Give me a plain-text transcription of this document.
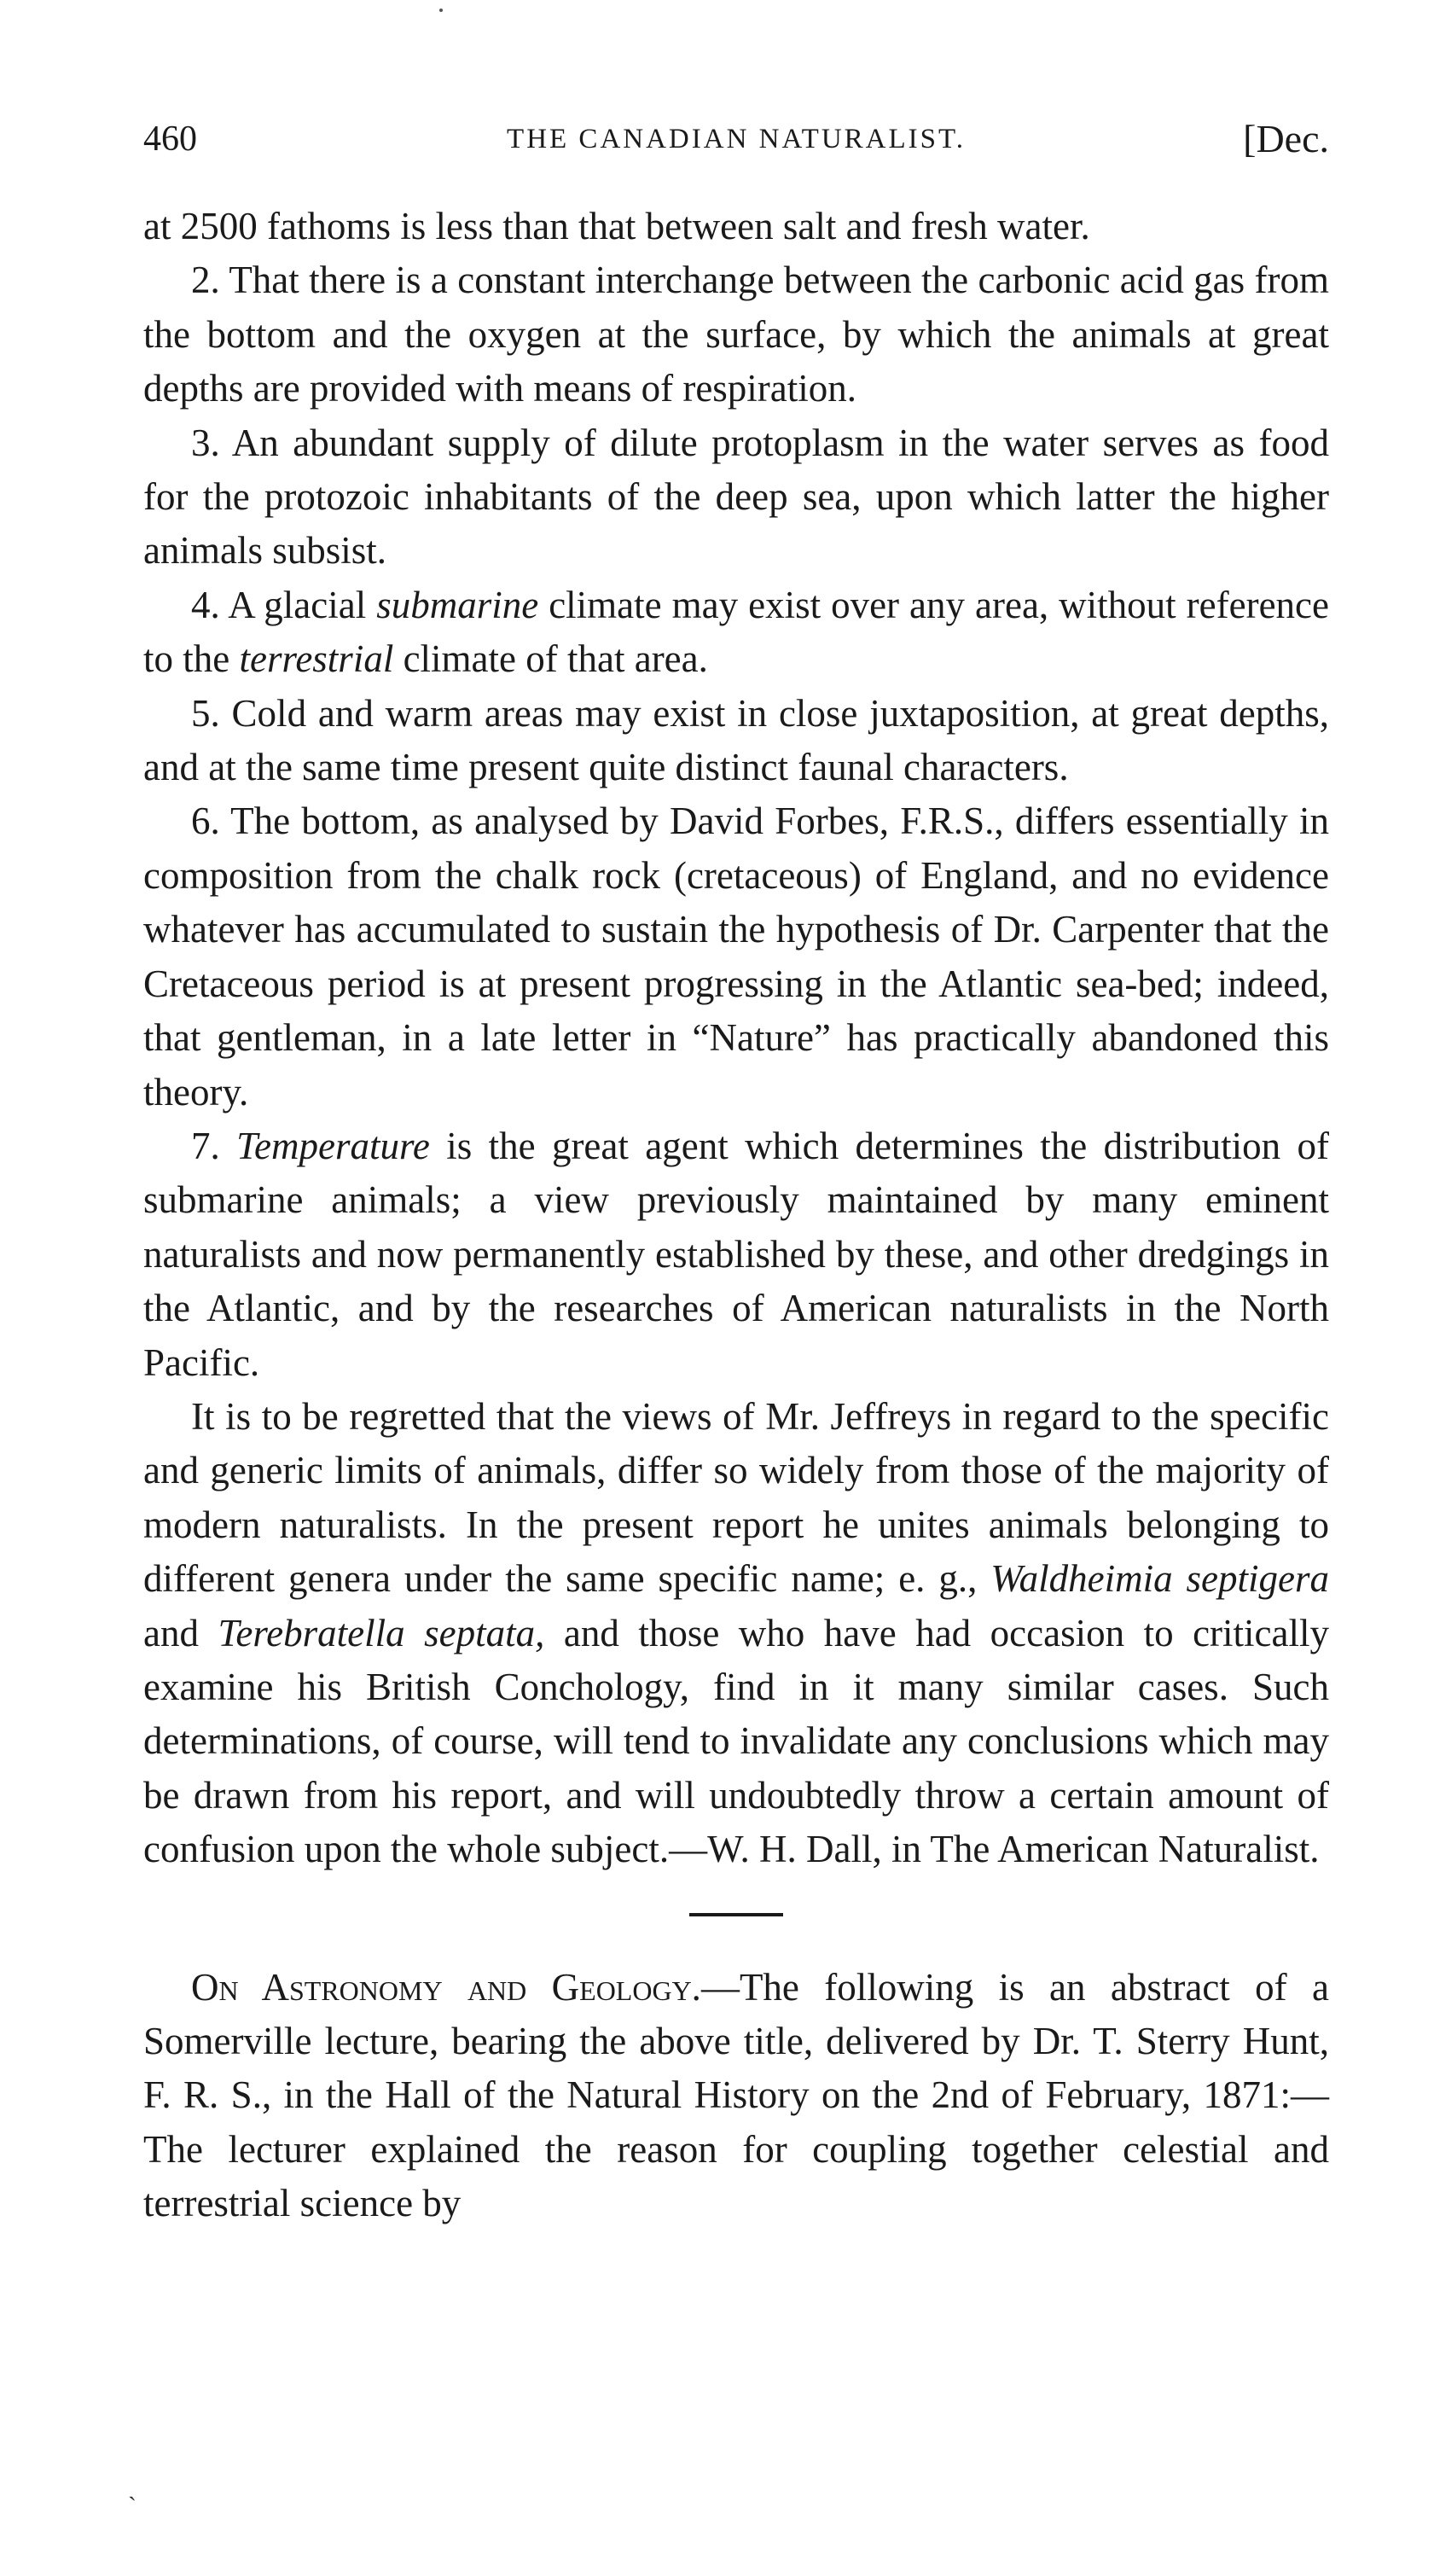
460	THE CANADIAN NATURALIST.	[Dec.

at 2500 fathoms is less than that between salt and fresh water.

2. That there is a constant interchange between the carbonic acid gas from the bottom and the oxygen at the surface, by which the animals at great depths are provided with means of respiration.

3. An abundant supply of dilute protoplasm in the water serves as food for the protozoic inhabitants of the deep sea, upon which latter the higher animals subsist.

4. A glacial submarine climate may exist over any area, without reference to the terrestrial climate of that area.

5. Cold and warm areas may exist in close juxtaposition, at great depths, and at the same time present quite distinct faunal characters.

6. The bottom, as analysed by David Forbes, F.R.S., differs essentially in composition from the chalk rock (cretaceous) of England, and no evidence whatever has accumulated to sustain the hypothesis of Dr. Carpenter that the Cretaceous period is at present progressing in the Atlantic sea-bed; indeed, that gentleman, in a late letter in “Nature” has practically abandoned this theory.

7. Temperature is the great agent which determines the distribution of submarine animals; a view previously maintained by many eminent naturalists and now permanently established by these, and other dredgings in the Atlantic, and by the researches of American naturalists in the North Pacific.

It is to be regretted that the views of Mr. Jeffreys in regard to the specific and generic limits of animals, differ so widely from those of the majority of modern naturalists. In the present report he unites animals belonging to different genera under the same specific name; e. g., Waldheimia septigera and Terebratella septata, and those who have had occasion to critically examine his British Conchology, find in it many similar cases. Such determinations, of course, will tend to invalidate any conclusions which may be drawn from his report, and will undoubtedly throw a certain amount of confusion upon the whole subject.—W. H. Dall, in The American Naturalist.

On Astronomy and Geology.—The following is an abstract of a Somerville lecture, bearing the above title, delivered by Dr. T. Sterry Hunt, F. R. S., in the Hall of the Natural History on the 2nd of February, 1871:—The lecturer explained the reason for coupling together celestial and terrestrial science by

ˏ
